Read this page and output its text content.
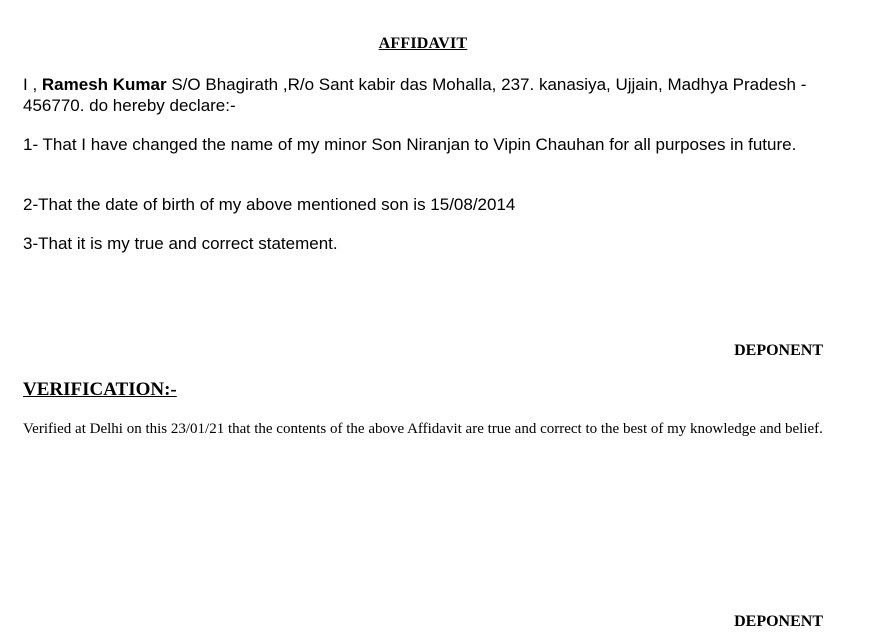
AFFIDAVIT

I , Ramesh Kumar S/O Bhagirath ,R/o Sant kabir das Mohalla, 237. kanasiya, Ujjain, Madhya Pradesh - 456770. do hereby declare:-

1- That I have changed the name of my minor Son Niranjan to Vipin Chauhan for all purposes in future.

2-That the date of birth of my above mentioned son is 15/08/2014

3-That it is my true and correct statement.

DEPONENT
VERIFICATION:-

Verified at Delhi on this 23/01/21 that the contents of the above Affidavit are true and correct to the best of my knowledge and belief.

DEPONENT
